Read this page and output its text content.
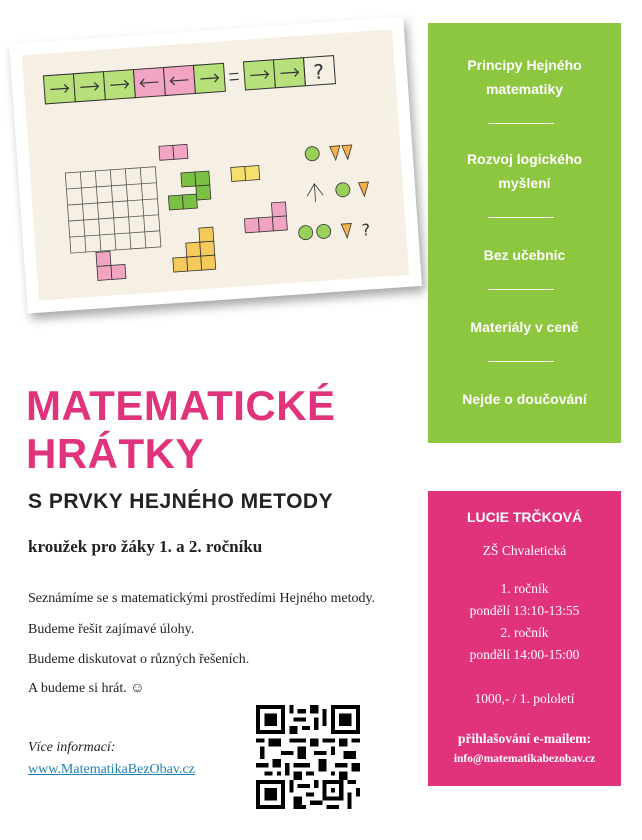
?
?
Principy Hejného matematiky
Rozvoj logického myšlení
Bez učebnic
Materiály v ceně
Nejde o doučování
MATEMATICKÉ
HRÁTKY
S PRVKY HEJNÉHO METODY
kroužek pro žáky 1. a 2. ročníku
Seznámíme se s matematickými prostředími Hejného metody.
Budeme řešit zajímavé úlohy.
Budeme diskutovat o různých řešeních.
A budeme si hrát. ☺
Více informací:
www.MatematikaBezObav.cz
LUCIE TRČKOVÁ
ZŠ Chvaletická
1. ročník
pondělí 13:10-13:55
2. ročník
pondělí 14:00-15:00
1000,- / 1. pololetí
přihlašování e-mailem:
info@matematikabezobav.cz
